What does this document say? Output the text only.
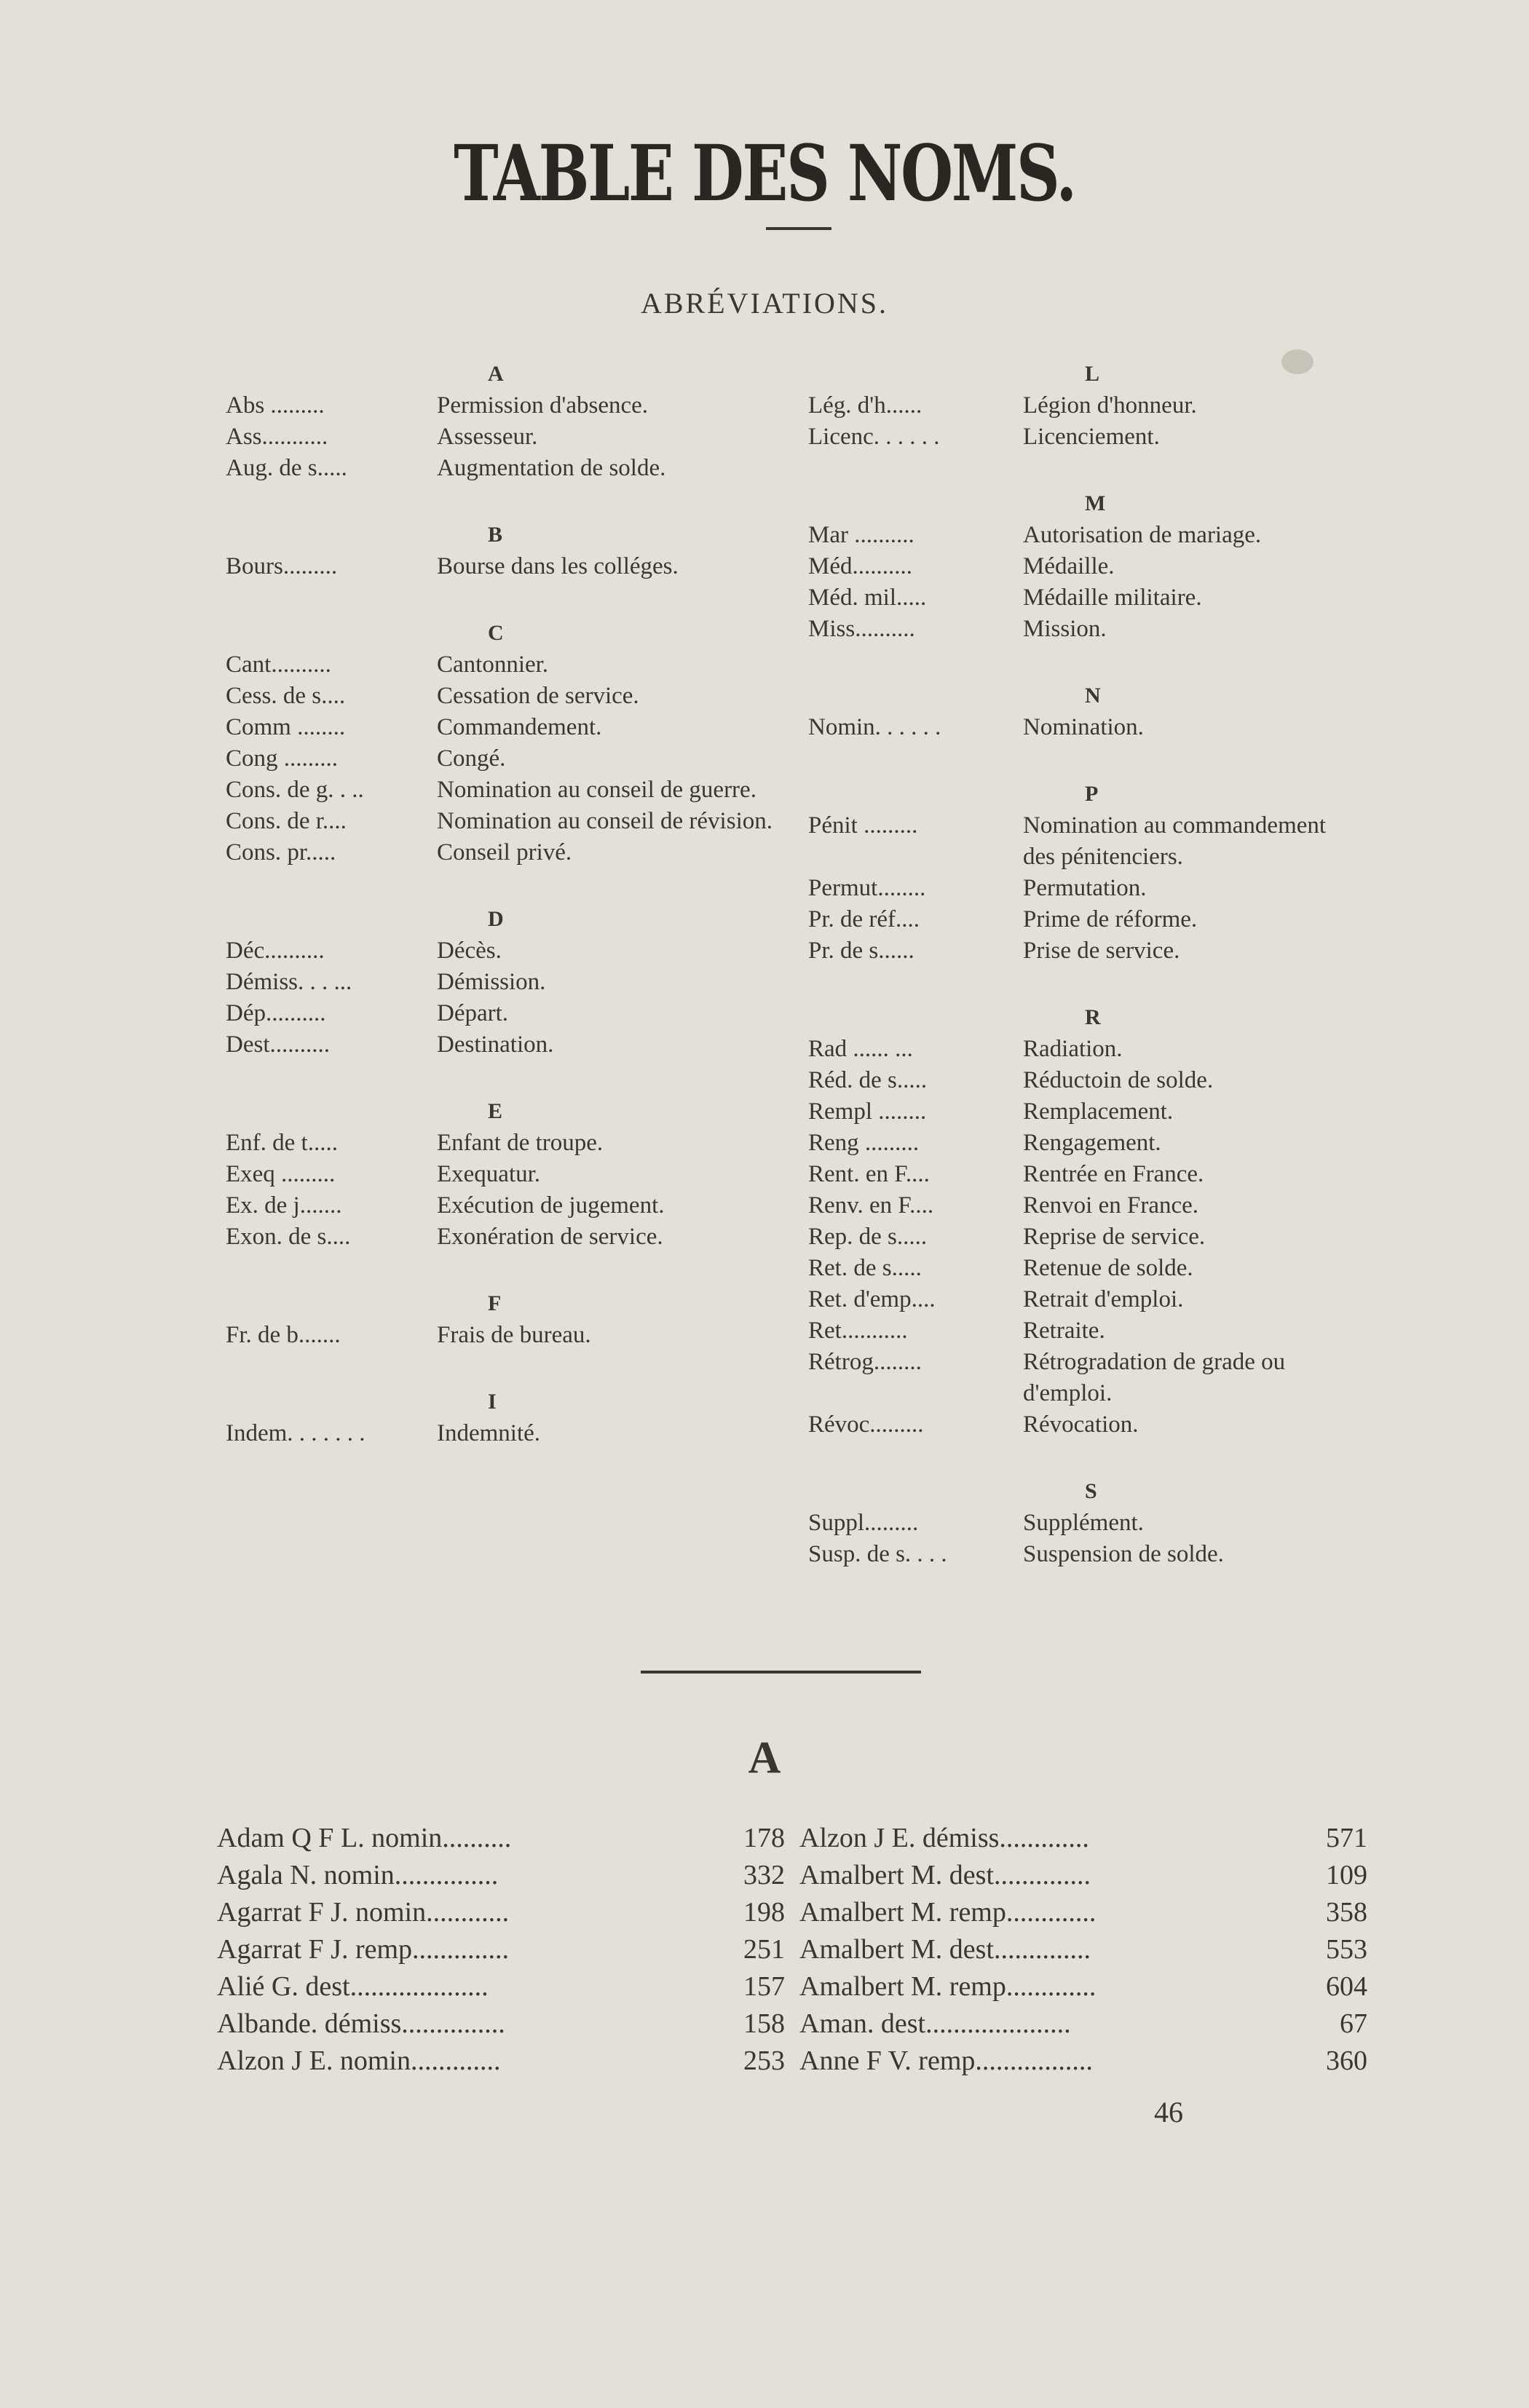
TABLE DES NOMS.
ABRÉVIATIONS.
A
Abs .........	Permission d'absence.
Ass...........	Assesseur.
Aug. de s.....	Augmentation de solde.
B
Bours.........	Bourse dans les colléges.
C
Cant..........	Cantonnier.
Cess. de s....	Cessation de service.
Comm ........	Commandement.
Cong .........	Congé.
Cons. de g. . ..	Nomination au conseil de guerre.
Cons. de r....	Nomination au conseil de révision.
Cons. pr.....	Conseil privé.
D
Déc..........	Décès.
Démiss. . . ...	Démission.
Dép..........	Départ.
Dest..........	Destination.
E
Enf. de t.....	Enfant de troupe.
Exeq .........	Exequatur.
Ex. de j.......	Exécution de jugement.
Exon. de s....	Exonération de service.
F
Fr. de b.......	Frais de bureau.
I
Indem. . . . . . .	Indemnité.
L
Lég. d'h......	Légion d'honneur.
Licenc. . . . . .	Licenciement.
M
Mar ..........	Autorisation de mariage.
Méd..........	Médaille.
Méd. mil.....	Médaille militaire.
Miss..........	Mission.
N
Nomin. . . . . .	Nomination.
P
Pénit .........	Nomination au commandement des pénitenciers.
Permut........	Permutation.
Pr. de réf....	Prime de réforme.
Pr. de s......	Prise de service.
R
Rad ...... ...	Radiation.
Réd. de s.....	Réductoin de solde.
Rempl ........	Remplacement.
Reng .........	Rengagement.
Rent. en F....	Rentrée en France.
Renv. en F....	Renvoi en France.
Rep. de s.....	Reprise de service.
Ret. de s.....	Retenue de solde.
Ret. d'emp....	Retrait d'emploi.
Ret...........	Retraite.
Rétrog........	Rétrogradation de grade ou d'emploi.
Révoc.........	Révocation.
S
Suppl.........	Supplément.
Susp. de s. . . .	Suspension de solde.
A
Adam Q F L. nomin..........	178
Agala N. nomin...............	332
Agarrat F J. nomin............	198
Agarrat F J. remp..............	251
Alié G. dest....................	157
Albande. démiss...............	158
Alzon J E. nomin.............	253
Alzon J E. démiss.............	571
Amalbert M. dest..............	109
Amalbert M. remp.............	358
Amalbert M. dest..............	553
Amalbert M. remp.............	604
Aman. dest.....................	67
Anne F V. remp.................	360
46
